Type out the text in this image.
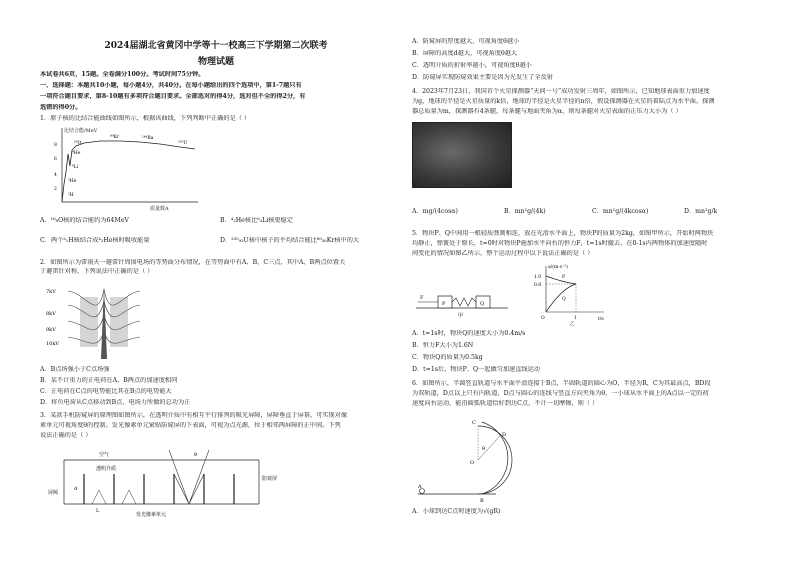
2024届湖北省黄冈中学等十一校高三下学期第二次联考
物理试题
本试卷共6页，15题。全卷满分100分。考试时间75分钟。
一、选择题：本题共10小题，每小题4分，共40分。在每小题给出的四个选项中，第1-7题只有
一项符合题目要求，第8-10题有多项符合题目要求。全部选对的得4分，选对但不全的得2分，有
选错的得0分。
1．原子核的比结合能曲线如图所示，根据该曲线，下列判断中正确的是（ ）
比结合能/MeV
质量数A
8
6
4
2
¹⁶O
⁸⁹Kr	¹⁴⁴Ba
²³⁵U
⁴He
⁶Li
²H
³He
A．¹⁶₈O核的结合能约为64MeV	B．⁴₂He核比⁶₃Li核更稳定
C．两个²₁H核结合成⁴₂He核时吸收能量	D．²³⁵₉₂U核中核子的平均结合能比⁸⁹₃₆Kr核中的大
2．如图所示为雷雨天一避雷针周围电场的等势面分布情况，在等势面中有A、B、C三点，其中A、B两点位置关
于避雷针对称，下列说法中正确的是（ ）
7kV
8kV
9kV
10kV
A．B点场强小于C点场强
B．某不计重力的正电荷在A、B两点的加速度相同
C．正电荷在C点的电势能比其在B点的电势能大
D．将负电荷从C点移动到B点，电场力所做的总功为正
3．某款手机防窥屏的原理图如图所示，在透明介质中有相互平行排列的吸光屏障，屏障垂直于屏幕，可实现对像
素单元可视角度θ的控制。发光像素单元紧贴防窥屏的下表面，可视为点光源，位于相邻两屏障的正中间。下列
说法正确的是（ ）
空气
透明介质
屏障
防窥屏
发光像素单元
θ
L
d
A．防窥屏的厚度越大，可视角度θ越小
B．屏障的高度d越大，可视角度θ越大
C．透明介质的折射率越小，可视角度θ越小
D．防窥屏实现防窥效果主要是因为光发生了全反射
4．2023年7月23日，我国首个火星探测器“天问一号”成功发射三周年，如图所示，已知地球表面重力加速度
为g，地球的半径是火星质量的k倍，地球的半径是火星半径的n倍，假设探测器在火星的着陆点为水平面，探测
器总质量为m，探测器有4条腿，每条腿与地面夹角为α，则每条腿对火星表面的正压力大小为（ ）
A．mg/(4cosα)	B．mn²g/(4k)	C．mn²g/(4kcosα)	D．mn²g/k
5．物块P、Q中间用一根轻质弹簧相连，放在光滑水平面上，物块P的质量为2kg，如图甲所示，开始时两物块
均静止，弹簧处于原长，t=0时对物块P施加水平向右的恒力F，t=1s时撤去，在0-1s内两物体的加速度随时
间变化的情况如图乙所示，整个运动过程中以下说法正确的是（ ）
F
P	Q
甲
a/(m·s⁻²)
t/s
1.0
0.8
1
O
P
Q
乙
A．t=1s时，物块Q的速度大小为0.4m/s
B．恒力F大小为1.6N
C．物块Q的质量为0.5kg
D．t=1s后，物块P、Q一起做匀加速直线运动
6．如图所示，半圆竖直轨道与水平面平滑连接于B点，半圆轨道的圆心为O，半径为R，C为其最高点，BD段
为双轨道，D点以上只有内轨道，D点与圆心的连线与竖直方向夹角为θ，一小球从水平面上的A点以一定的初
速度向右运动，能沿圆弧轨道恰好到达C点，不计一切摩擦，则（ ）
A
B
C
D
O
θ
A．小球到达C点时速度为√(gR)
